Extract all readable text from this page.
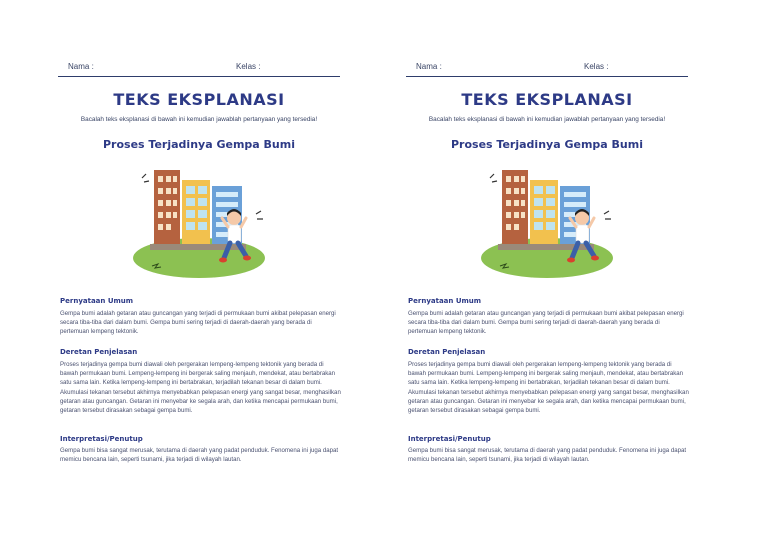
Nama :	Kelas :
TEKS EKSPLANASI
Bacalah teks eksplanasi di bawah ini kemudian jawablah pertanyaan yang tersedia!
Proses Terjadinya Gempa Bumi
Pernyataan Umum

Gempa bumi adalah getaran atau guncangan yang terjadi di permukaan bumi akibat pelepasan energi secara tiba-tiba dari dalam bumi. Gempa bumi sering terjadi di daerah-daerah yang berada di pertemuan lempeng tektonik.

Deretan Penjelasan

Proses terjadinya gempa bumi diawali oleh pergerakan lempeng-lempeng tektonik yang berada di bawah permukaan bumi. Lempeng-lempeng ini bergerak saling menjauh, mendekat, atau bertabrakan satu sama lain. Ketika lempeng-lempeng ini bertabrakan, terjadilah tekanan besar di dalam bumi. Akumulasi tekanan tersebut akhirnya menyebabkan pelepasan energi yang sangat besar, menghasilkan getaran atau guncangan. Getaran ini menyebar ke segala arah, dan ketika mencapai permukaan bumi, getaran tersebut dirasakan sebagai gempa bumi.

Interpretasi/Penutup

Gempa bumi bisa sangat merusak, terutama di daerah yang padat penduduk. Fenomena ini juga dapat memicu bencana lain, seperti tsunami, jika terjadi di wilayah lautan.

Nama :	Kelas :
TEKS EKSPLANASI
Bacalah teks eksplanasi di bawah ini kemudian jawablah pertanyaan yang tersedia!
Proses Terjadinya Gempa Bumi
Pernyataan Umum

Gempa bumi adalah getaran atau guncangan yang terjadi di permukaan bumi akibat pelepasan energi secara tiba-tiba dari dalam bumi. Gempa bumi sering terjadi di daerah-daerah yang berada di pertemuan lempeng tektonik.

Deretan Penjelasan

Proses terjadinya gempa bumi diawali oleh pergerakan lempeng-lempeng tektonik yang berada di bawah permukaan bumi. Lempeng-lempeng ini bergerak saling menjauh, mendekat, atau bertabrakan satu sama lain. Ketika lempeng-lempeng ini bertabrakan, terjadilah tekanan besar di dalam bumi. Akumulasi tekanan tersebut akhirnya menyebabkan pelepasan energi yang sangat besar, menghasilkan getaran atau guncangan. Getaran ini menyebar ke segala arah, dan ketika mencapai permukaan bumi, getaran tersebut dirasakan sebagai gempa bumi.

Interpretasi/Penutup

Gempa bumi bisa sangat merusak, terutama di daerah yang padat penduduk. Fenomena ini juga dapat memicu bencana lain, seperti tsunami, jika terjadi di wilayah lautan.
